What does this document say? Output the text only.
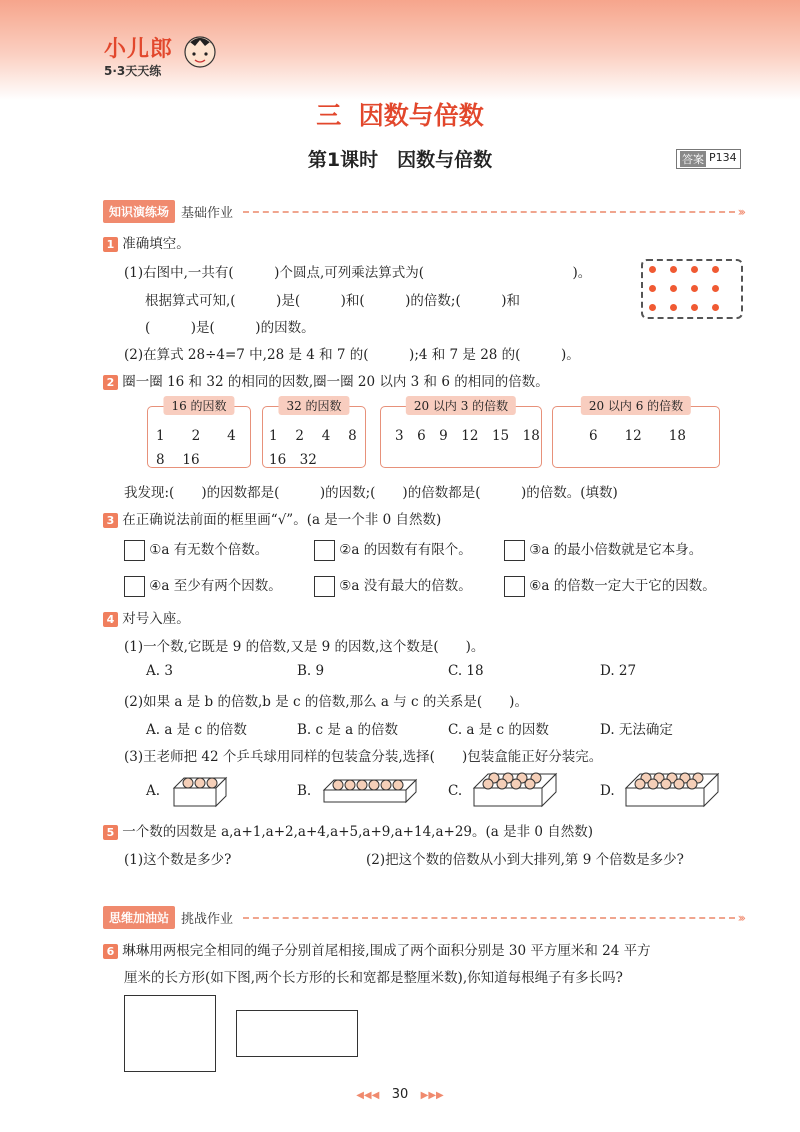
小儿郎
5·3天天练
三  因数与倍数
第1课时　因数与倍数	答案 P134
知识演练场 基础作业	›››
1 准确填空。
(1)右图中,一共有(　　　)个圆点,可列乘法算式为(　　　　　　　　　　　)。
根据算式可知,(　　　)是(　　　)和(　　　)的倍数;(　　　)和
(　　　)是(　　　)的因数。
(2)在算式 28÷4=7 中,28 是 4 和 7 的(　　　);4 和 7 是 28 的(　　　)。
2 圈一圈 16 和 32 的相同的因数,圈一圈 20 以内 3 和 6 的相同的倍数。
16 的因数
1　　2　　4
8　 16
32 的因数
1　 2　 4　 8
16　32
20 以内 3 的倍数
3　6　9　12　15　18
20 以内 6 的倍数
6　　12　　18
我发现:(　　)的因数都是(　　　)的因数;(　　)的倍数都是(　　　)的倍数。(填数)
3 在正确说法前面的框里画“√”。(a 是一个非 0 自然数)
①a 有无数个倍数。	②a 的因数有有限个。	③a 的最小倍数就是它本身。
④a 至少有两个因数。	⑤a 没有最大的倍数。	⑥a 的倍数一定大于它的因数。
4 对号入座。
(1)一个数,它既是 9 的倍数,又是 9 的因数,这个数是(　　)。
A. 3	B. 9	C. 18	D. 27
(2)如果 a 是 b 的倍数,b 是 c 的倍数,那么 a 与 c 的关系是(　　)。
A. a 是 c 的倍数	B. c 是 a 的倍数	C. a 是 c 的因数	D. 无法确定
(3)王老师把 42 个乒乓球用同样的包装盒分装,选择(　　)包装盒能正好分装完。
A.	B.	C.	D.
5 一个数的因数是 a,a+1,a+2,a+4,a+5,a+9,a+14,a+29。(a 是非 0 自然数)
(1)这个数是多少?	(2)把这个数的倍数从小到大排列,第 9 个倍数是多少?
思维加油站 挑战作业	›››
6 琳琳用两根完全相同的绳子分别首尾相接,围成了两个面积分别是 30 平方厘米和 24 平方
厘米的长方形(如下图,两个长方形的长和宽都是整厘米数),你知道每根绳子有多长吗?
◀◀◀ 30 ▶▶▶
